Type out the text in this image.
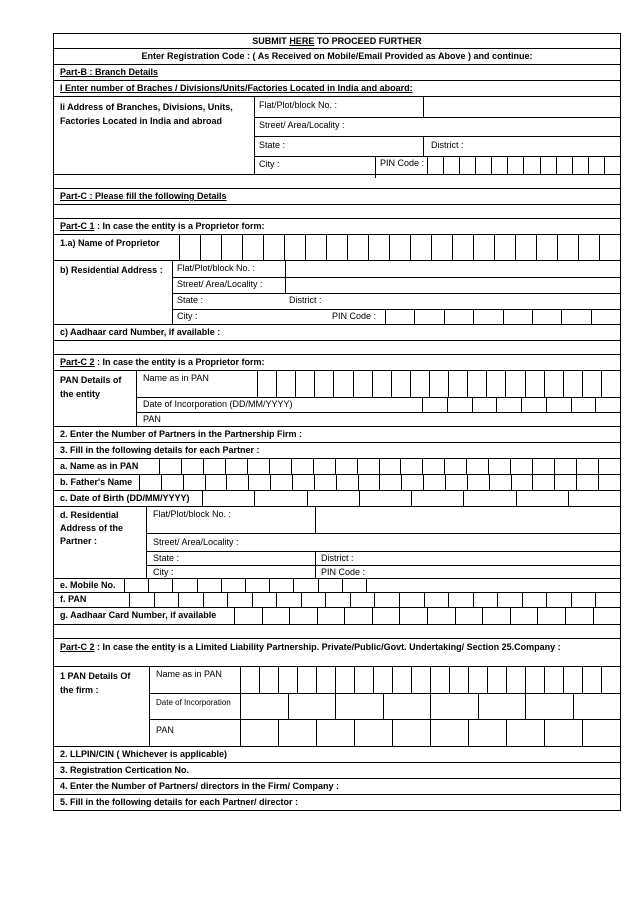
SUBMIT HERE TO PROCEED FURTHER
Enter Registration Code : ( As Received on Mobile/Email Provided as Above ) and continue:
Part-B : Branch Details
I Enter number of Braches / Divisions/Units/Factories Located in India and aboard:
Ii Address of Branches, Divisions, Units, Factories Located in India and abroad
Flat/Plot/block No. :
Street/ Area/Locality :
State :	District :
City :	PIN Code :
Part-C : Please fill the following Details
Part-C 1 : In case the entity is a Proprietor form:
1.a) Name of Proprietor
b) Residential Address :	Flat/Plot/block No. :
Street/ Area/Locality :
State :	District :
City :	PIN Code :
c) Aadhaar card Number, if available :
Part-C 2 : In case the entity is a Proprietor form:
PAN Details of the entity
Name as in PAN
Date of Incorporation (DD/MM/YYYY)
PAN
2. Enter the Number of Partners in the Partnership Firm :
3. Fill in the following details for each Partner :
a. Name as in PAN
b. Father's Name
c. Date of Birth (DD/MM/YYYY)
d. Residential Address of the Partner :
Flat/Plot/block No. :
Street/ Area/Locality :
State :	District :
City :	PIN Code :
e. Mobile No.
f. PAN
g. Aadhaar Card Number, if available
Part-C 2 : In case the entity is a Limited Liability Partnership. Private/Public/Govt. Undertaking/ Section 25.Company :
1 PAN Details Of the firm :
Name as in PAN
Date of Incorporation
PAN
2. LLPIN/CIN ( Whichever is applicable)
3. Registration Certication No.
4. Enter the Number of Partners/ directors in the Firm/ Company :
5. Fill in the following details for each Partner/ director :
